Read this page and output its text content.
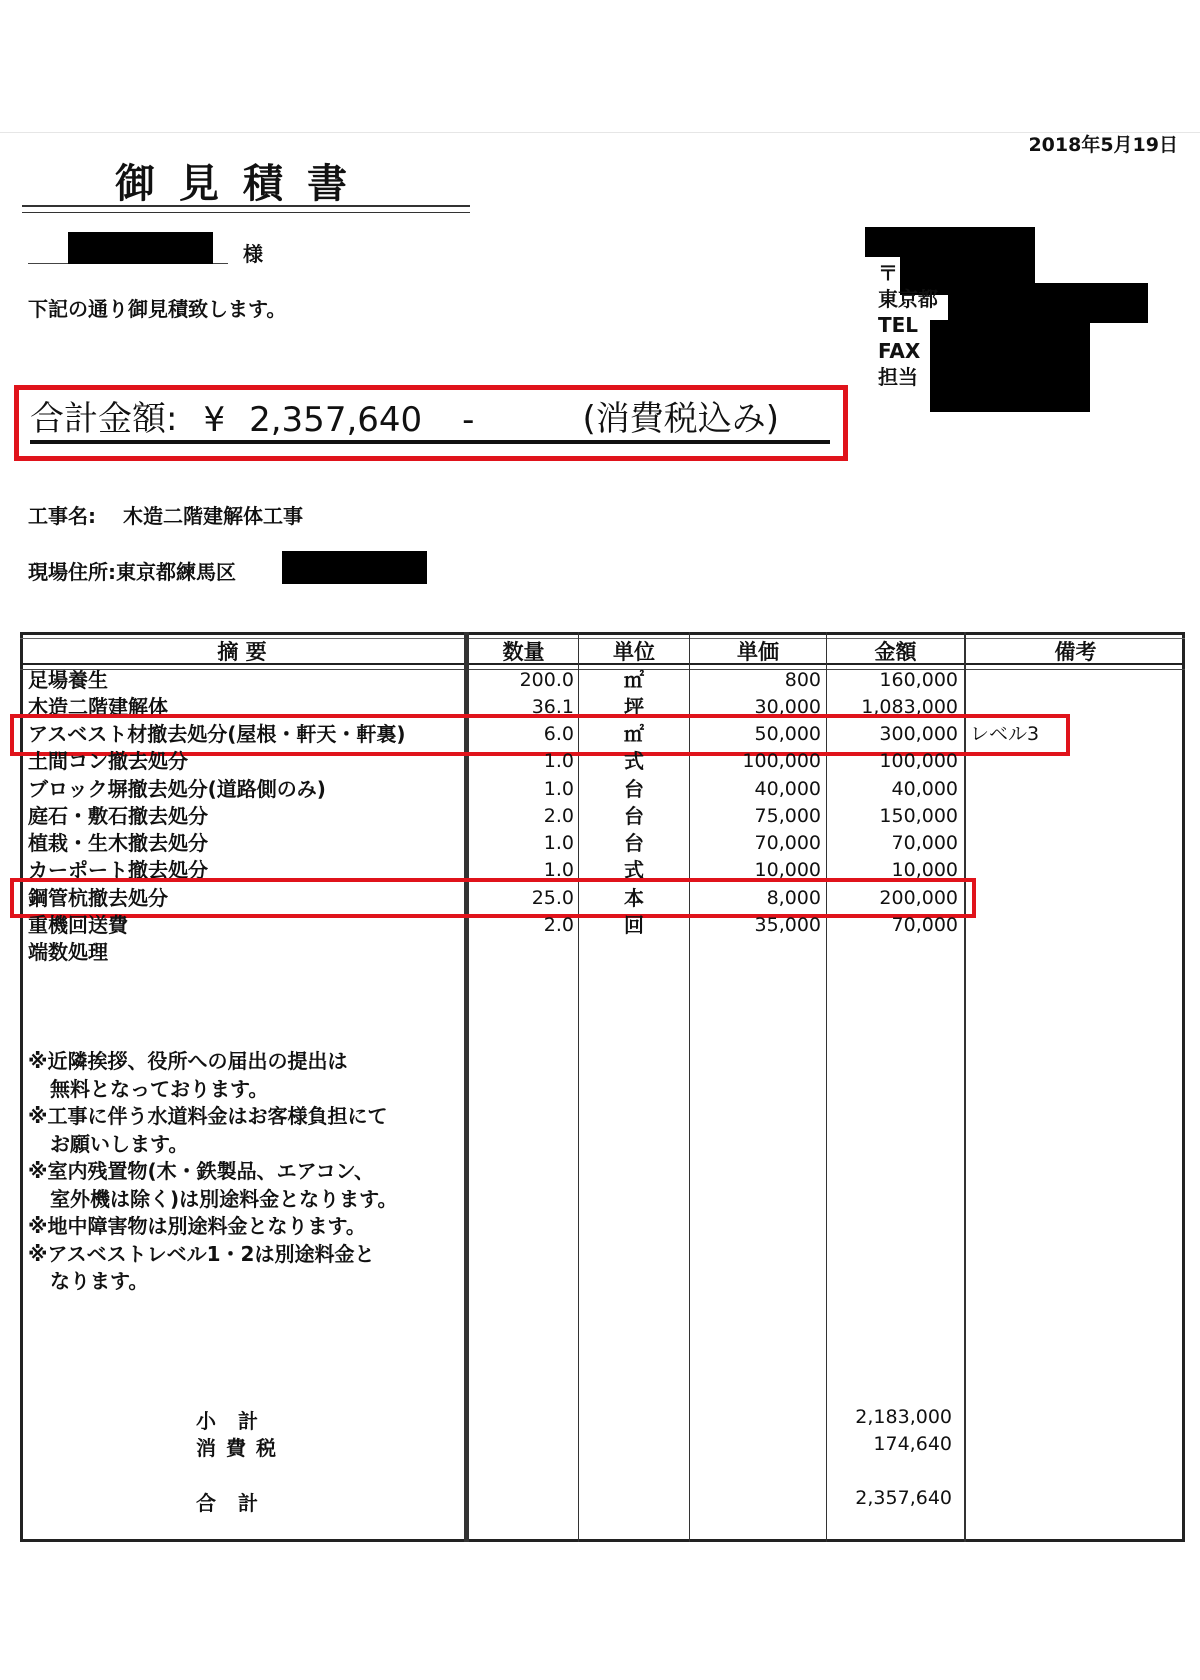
2018年5月19日
御見積書
様
下記の通り御見積致します。
〒
東京都
TEL
FAX
担当
合計金額: ¥ 2,357,640 -	(消費税込み)
工事名: 木造二階建解体工事
現場住所:東京都練馬区
摘 要	数量	単位	単価	金額	備考
足場養生	200.0	㎡	800	160,000
木造二階建解体	36.1	坪	30,000	1,083,000
アスベスト材撤去処分(屋根・軒天・軒裏)	6.0	㎡	50,000	300,000 レベル3
土間コン撤去処分	1.0	式	100,000	100,000
ブロック塀撤去処分(道路側のみ)	1.0	台	40,000	40,000
庭石・敷石撤去処分	2.0	台	75,000	150,000
植栽・生木撤去処分	1.0	台	70,000	70,000
カーポート撤去処分	1.0	式	10,000	10,000
鋼管杭撤去処分	25.0	本	8,000	200,000
重機回送費	2.0	回	35,000	70,000
端数処理
※近隣挨拶、役所への届出の提出は
無料となっております。
※工事に伴う水道料金はお客様負担にて
お願いします。
※室内残置物(木・鉄製品、エアコン、
室外機は除く)は別途料金となります。
※地中障害物は別途料金となります。
※アスベストレベル1・2は別途料金と
なります。
小計	2,183,000
消費税	174,640
合計	2,357,640
